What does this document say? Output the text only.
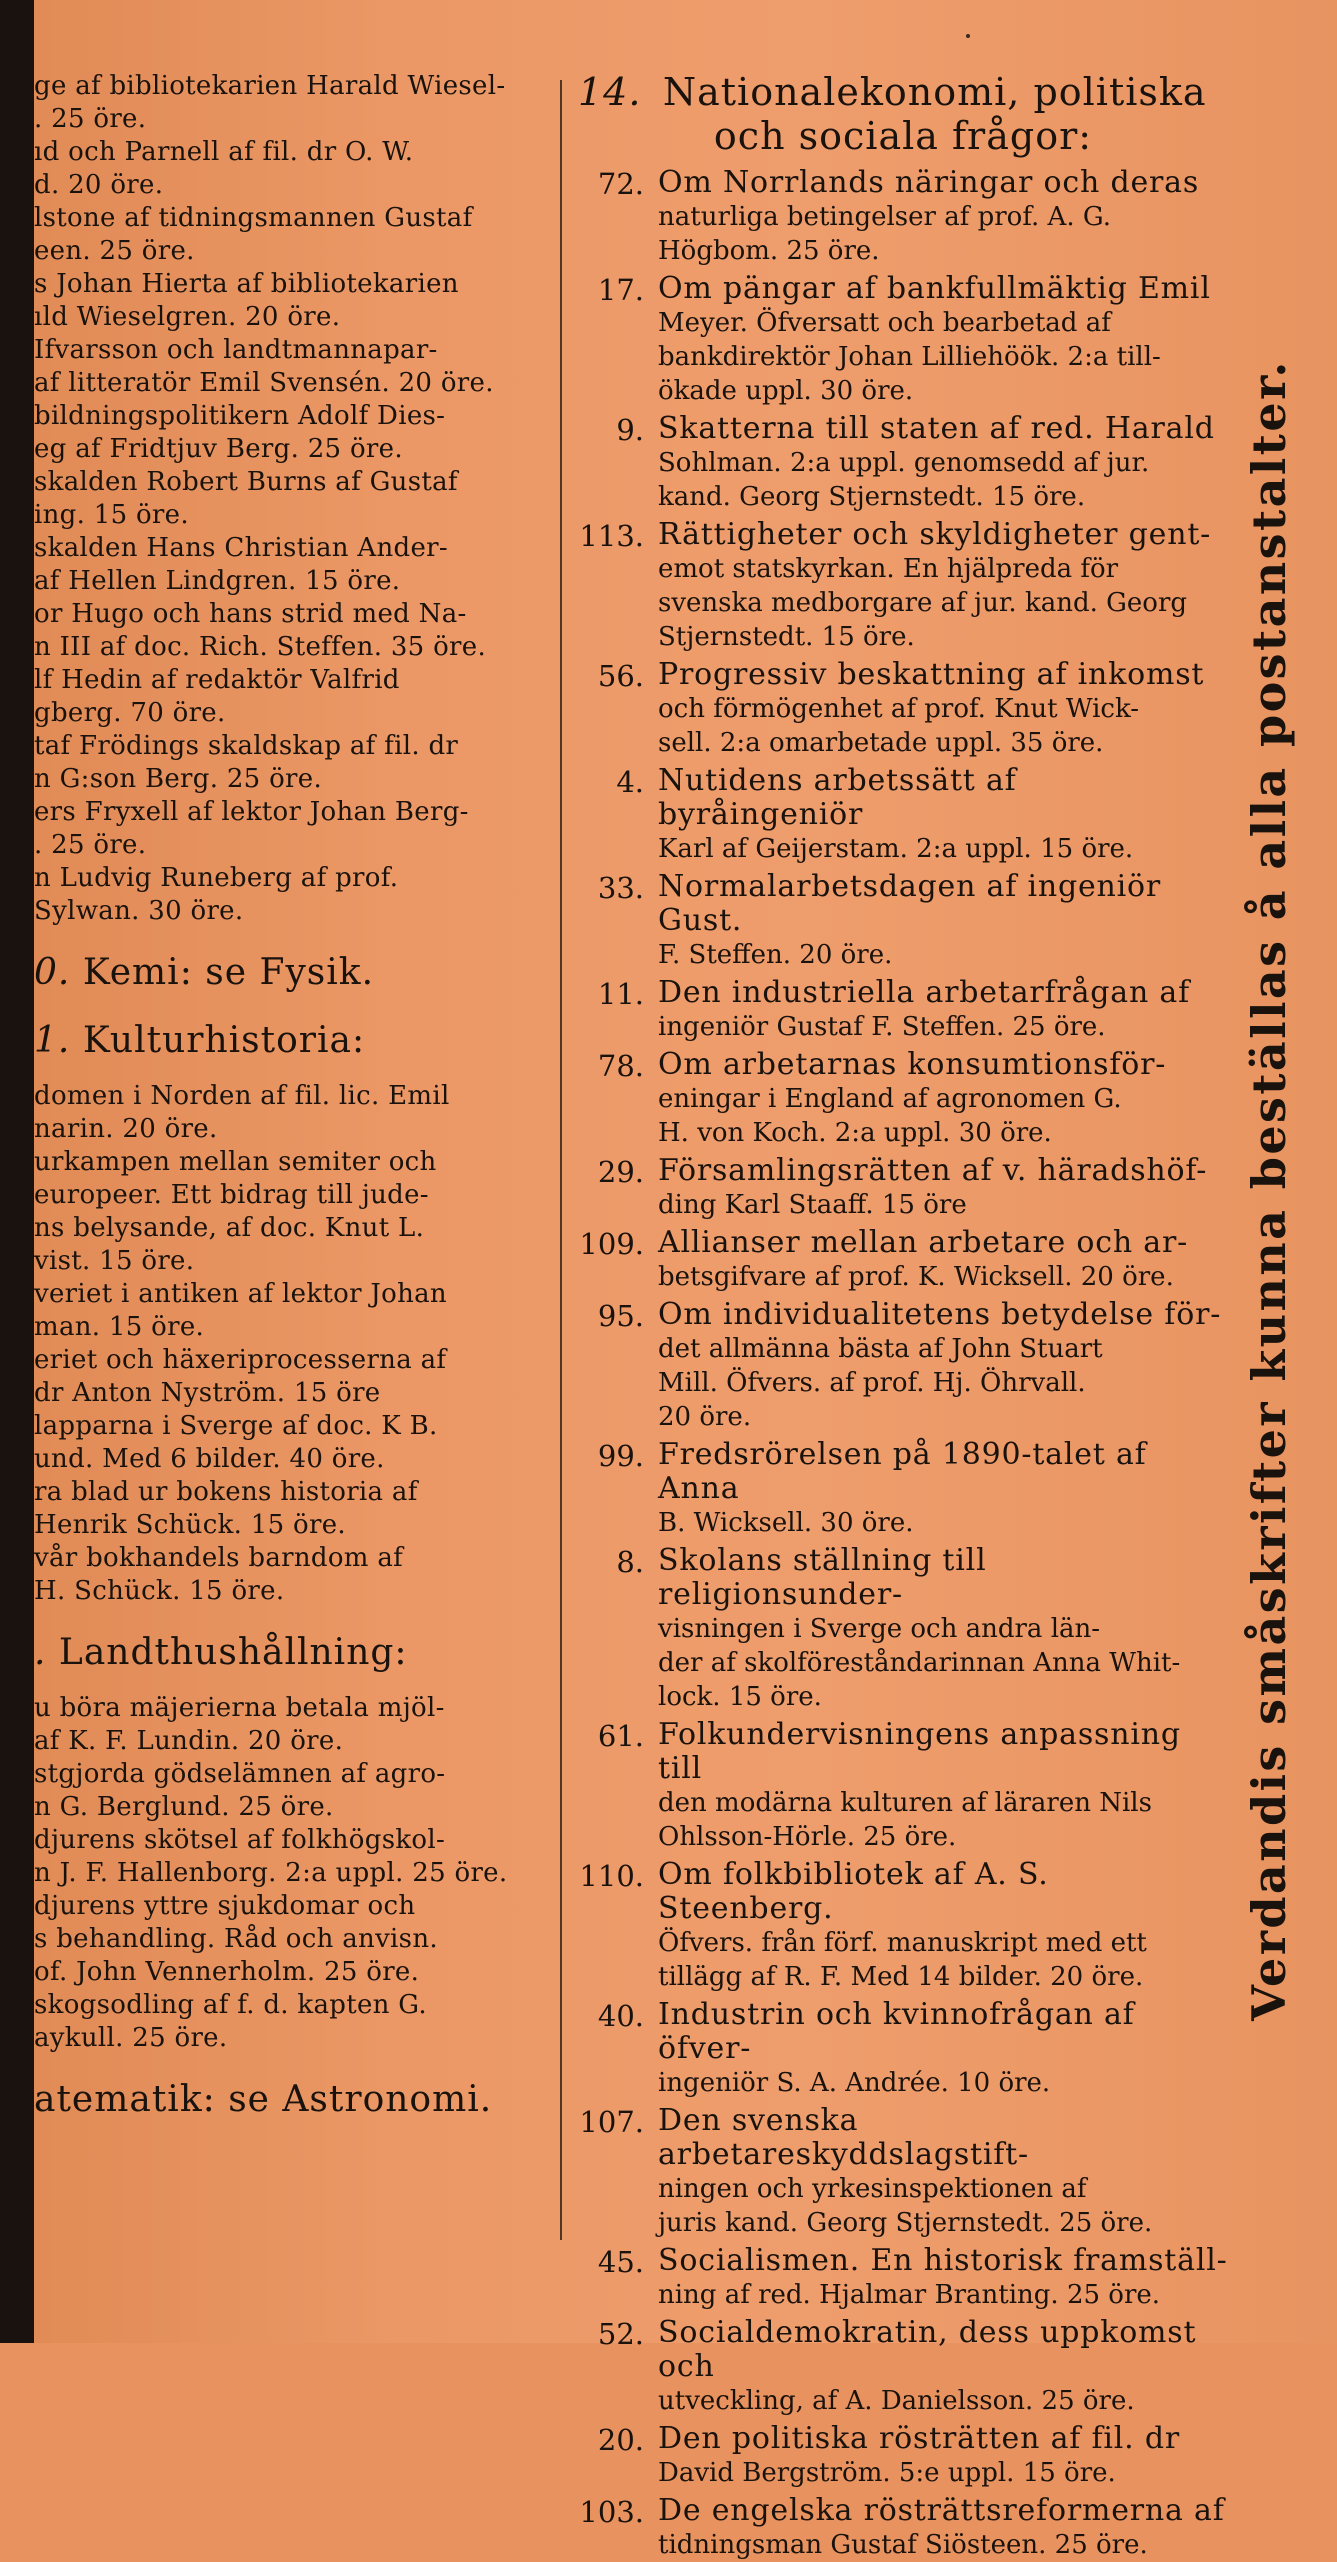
ge af bibliotekarien Harald Wiesel-
. 25 öre.
ıd och Parnell af fil. dr O. W.
d. 20 öre.
lstone af tidningsmannen Gustaf
een. 25 öre.
s Johan Hierta af bibliotekarien
ıld Wieselgren. 20 öre.
Ifvarsson och landtmannapar-
af litteratör Emil Svensén. 20 öre.
bildningspolitikern Adolf Dies-
eg af Fridtjuv Berg. 25 öre.
skalden Robert Burns af Gustaf
ing. 15 öre.
skalden Hans Christian Ander-
af Hellen Lindgren. 15 öre.
or Hugo och hans strid med Na-
n III af doc. Rich. Steffen. 35 öre.
lf Hedin af redaktör Valfrid
gberg. 70 öre.
taf Frödings skaldskap af fil. dr
n G:son Berg. 25 öre.
ers Fryxell af lektor Johan Berg-
. 25 öre.
n Ludvig Runeberg af prof.
Sylwan. 30 öre.
0. Kemi: se Fysik.
1. Kulturhistoria:
domen i Norden af fil. lic. Emil
narin. 20 öre.
urkampen mellan semiter och
europeer. Ett bidrag till jude-
ns belysande, af doc. Knut L.
vist. 15 öre.
veriet i antiken af lektor Johan
man. 15 öre.
eriet och häxeriprocesserna af
dr Anton Nyström. 15 öre
lapparna i Sverge af doc. K B.
und. Med 6 bilder. 40 öre.
ra blad ur bokens historia af
Henrik Schück. 15 öre.
vår bokhandels barndom af
H. Schück. 15 öre.
. Landthushållning:
u böra mäjerierna betala mjöl-
af K. F. Lundin. 20 öre.
stgjorda gödselämnen af agro-
n G. Berglund. 25 öre.
djurens skötsel af folkhögskol-
n J. F. Hallenborg. 2:a uppl. 25 öre.
djurens yttre sjukdomar och
s behandling. Råd och anvisn.
of. John Vennerholm. 25 öre.
skogsodling af f. d. kapten G.
aykull. 25 öre.
atematik: se Astronomi.
14. Nationalekonomi, politiska
och sociala frågor:
72. Om Norrlands näringar och deras
naturliga betingelser af prof. A. G.
Högbom. 25 öre.
17. Om pängar af bankfullmäktig Emil
Meyer. Öfversatt och bearbetad af
bankdirektör Johan Lilliehöök. 2:a till-
ökade uppl. 30 öre.
9. Skatterna till staten af red. Harald
Sohlman. 2:a uppl. genomsedd af jur.
kand. Georg Stjernstedt. 15 öre.
113. Rättigheter och skyldigheter gent-
emot statskyrkan. En hjälpreda för
svenska medborgare af jur. kand. Georg
Stjernstedt. 15 öre.
56. Progressiv beskattning af inkomst
och förmögenhet af prof. Knut Wick-
sell. 2:a omarbetade uppl. 35 öre.
4. Nutidens arbetssätt af byråingeniör
Karl af Geijerstam. 2:a uppl. 15 öre.
33. Normalarbetsdagen af ingeniör Gust.
F. Steffen. 20 öre.
11. Den industriella arbetarfrågan af
ingeniör Gustaf F. Steffen. 25 öre.
78. Om arbetarnas konsumtionsför-
eningar i England af agronomen G.
H. von Koch. 2:a uppl. 30 öre.
29. Församlingsrätten af v. häradshöf-
ding Karl Staaff. 15 öre
109. Allianser mellan arbetare och ar-
betsgifvare af prof. K. Wicksell. 20 öre.
95. Om individualitetens betydelse för-
det allmänna bästa af John Stuart
Mill. Öfvers. af prof. Hj. Öhrvall.
20 öre.
99. Fredsrörelsen på 1890-talet af Anna
B. Wicksell. 30 öre.
8. Skolans ställning till religionsunder-
visningen i Sverge och andra län-
der af skolföreståndarinnan Anna Whit-
lock. 15 öre.
61. Folkundervisningens anpassning till
den modärna kulturen af läraren Nils
Ohlsson-Hörle. 25 öre.
110. Om folkbibliotek af A. S. Steenberg.
Öfvers. från förf. manuskript med ett
tillägg af R. F. Med 14 bilder. 20 öre.
40. Industrin och kvinnofrågan af öfver-
ingeniör S. A. Andrée. 10 öre.
107. Den svenska arbetareskyddslagstift-
ningen och yrkesinspektionen af
juris kand. Georg Stjernstedt. 25 öre.
45. Socialismen. En historisk framställ-
ning af red. Hjalmar Branting. 25 öre.
52. Socialdemokratin, dess uppkomst och
utveckling, af A. Danielsson. 25 öre.
20. Den politiska rösträtten af fil. dr
David Bergström. 5:e uppl. 15 öre.
103. De engelska rösträttsreformerna af
tidningsman Gustaf Siösteen. 25 öre.
Verdandis småskrifter kunna beställas å alla postanstalter.
